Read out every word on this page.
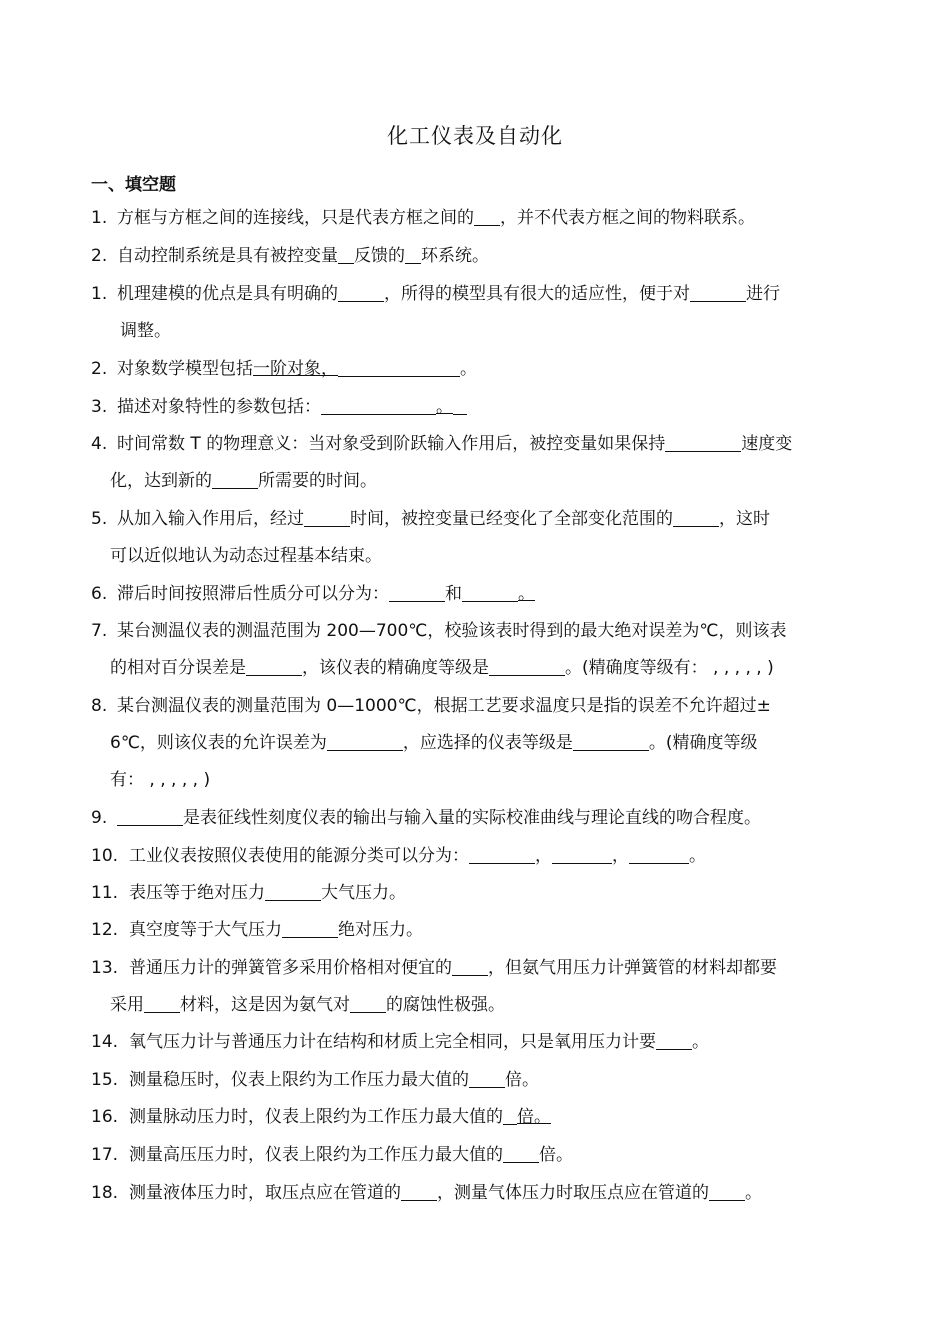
化工仪表及自动化
一、填空题
1. 方框与方框之间的连接线，只是代表方框之间的 ，并不代表方框之间的物料联系。
2. 自动控制系统是具有被控变量 反馈的 环系统。
1. 机理建模的优点是具有明确的	，所得的模型具有很大的适应性，便于对	进行
调整。
2. 对象数学模型包括一阶对象，	。
3. 描述对象特性的参数包括：	。
4. 时间常数 T 的物理意义：当对象受到阶跃输入作用后，被控变量如果保持	速度变
化，达到新的	所需要的时间。
5. 从加入输入作用后，经过	时间，被控变量已经变化了全部变化范围的	，这时
可以近似地认为动态过程基本结束。
6. 滞后时间按照滞后性质分可以分为：	和	。
7. 某台测温仪表的测温范围为 200—700℃，校验该表时得到的最大绝对误差为℃，则该表
的相对百分误差是	，该仪表的精确度等级是	。(精确度等级有： , , , , , )
8. 某台测温仪表的测量范围为 0—1000℃，根据工艺要求温度只是指的误差不允许超过±
6℃，则该仪表的允许误差为	，应选择的仪表等级是	。(精确度等级
有： , , , , , )
9.	是表征线性刻度仪表的输出与输入量的实际校准曲线与理论直线的吻合程度。
10. 工业仪表按照仪表使用的能源分类可以分为：	，	，	。
11. 表压等于绝对压力	大气压力。
12. 真空度等于大气压力	绝对压力。
13. 普通压力计的弹簧管多采用价格相对便宜的 ，但氨气用压力计弹簧管的材料却都要
采用 材料，这是因为氨气对 的腐蚀性极强。
14. 氧气压力计与普通压力计在结构和材质上完全相同，只是氧用压力计要 。
15. 测量稳压时，仪表上限约为工作压力最大值的 倍。
16. 测量脉动压力时，仪表上限约为工作压力最大值的 倍。
17. 测量高压压力时，仪表上限约为工作压力最大值的 倍。
18. 测量液体压力时，取压点应在管道的 ，测量气体压力时取压点应在管道的 。
